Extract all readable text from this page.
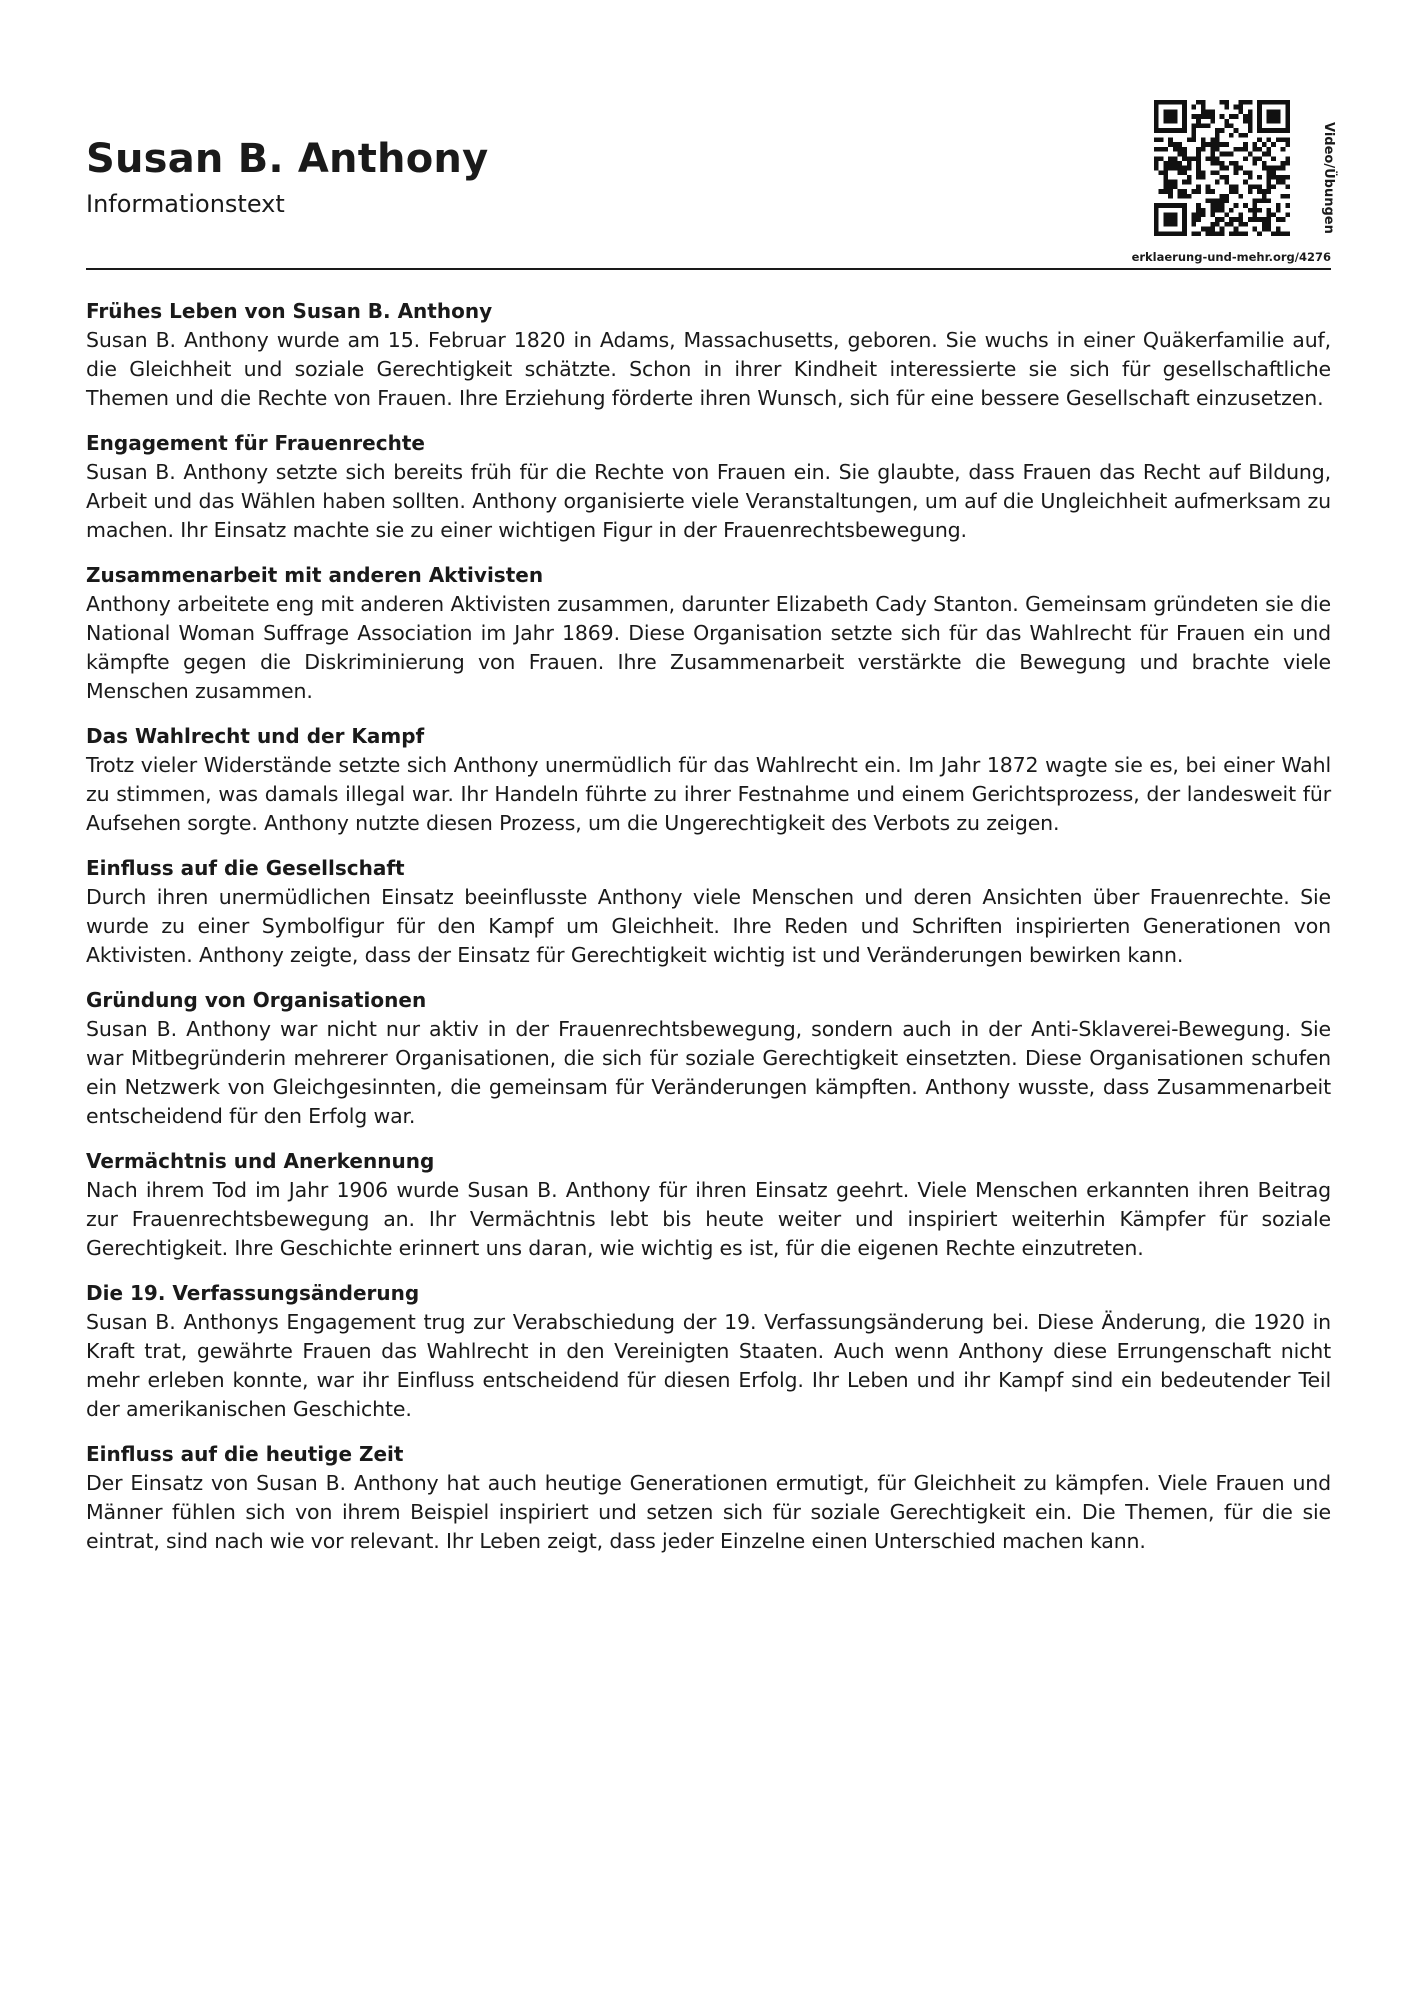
Susan B. Anthony
Informationstext	Video/Übungen
erklaerung-und-mehr.org/4276
Frühes Leben von Susan B. Anthony

Susan B. Anthony wurde am 15. Februar 1820 in Adams, Massachusetts, geboren. Sie wuchs in einer Quäkerfamilie auf, die Gleichheit und soziale Gerechtigkeit schätzte. Schon in ihrer Kindheit interessierte sie sich für gesellschaftliche Themen und die Rechte von Frauen. Ihre Erziehung förderte ihren Wunsch, sich für eine bessere Gesellschaft einzusetzen.

Engagement für Frauenrechte

Susan B. Anthony setzte sich bereits früh für die Rechte von Frauen ein. Sie glaubte, dass Frauen das Recht auf Bildung, Arbeit und das Wählen haben sollten. Anthony organisierte viele Veranstaltungen, um auf die Ungleichheit aufmerksam zu machen. Ihr Einsatz machte sie zu einer wichtigen Figur in der Frauenrechtsbewegung.

Zusammenarbeit mit anderen Aktivisten

Anthony arbeitete eng mit anderen Aktivisten zusammen, darunter Elizabeth Cady Stanton. Gemeinsam gründeten sie die National Woman Suffrage Association im Jahr 1869. Diese Organisation setzte sich für das Wahlrecht für Frauen ein und kämpfte gegen die Diskriminierung von Frauen. Ihre Zusammenarbeit verstärkte die Bewegung und brachte viele Menschen zusammen.

Das Wahlrecht und der Kampf

Trotz vieler Widerstände setzte sich Anthony unermüdlich für das Wahlrecht ein. Im Jahr 1872 wagte sie es, bei einer Wahl zu stimmen, was damals illegal war. Ihr Handeln führte zu ihrer Festnahme und einem Gerichtsprozess, der landesweit für Aufsehen sorgte. Anthony nutzte diesen Prozess, um die Ungerechtigkeit des Verbots zu zeigen.

Einfluss auf die Gesellschaft

Durch ihren unermüdlichen Einsatz beeinflusste Anthony viele Menschen und deren Ansichten über Frauenrechte. Sie wurde zu einer Symbolfigur für den Kampf um Gleichheit. Ihre Reden und Schriften inspirierten Generationen von Aktivisten. Anthony zeigte, dass der Einsatz für Gerechtigkeit wichtig ist und Veränderungen bewirken kann.

Gründung von Organisationen

Susan B. Anthony war nicht nur aktiv in der Frauenrechtsbewegung, sondern auch in der Anti-Sklaverei-Bewegung. Sie war Mitbegründerin mehrerer Organisationen, die sich für soziale Gerechtigkeit einsetzten. Diese Organisationen schufen ein Netzwerk von Gleichgesinnten, die gemeinsam für Veränderungen kämpften. Anthony wusste, dass Zusammenarbeit entscheidend für den Erfolg war.

Vermächtnis und Anerkennung

Nach ihrem Tod im Jahr 1906 wurde Susan B. Anthony für ihren Einsatz geehrt. Viele Menschen erkannten ihren Beitrag zur Frauenrechtsbewegung an. Ihr Vermächtnis lebt bis heute weiter und inspiriert weiterhin Kämpfer für soziale Gerechtigkeit. Ihre Geschichte erinnert uns daran, wie wichtig es ist, für die eigenen Rechte einzutreten.

Die 19. Verfassungsänderung

Susan B. Anthonys Engagement trug zur Verabschiedung der 19. Verfassungsänderung bei. Diese Änderung, die 1920 in Kraft trat, gewährte Frauen das Wahlrecht in den Vereinigten Staaten. Auch wenn Anthony diese Errungenschaft nicht mehr erleben konnte, war ihr Einfluss entscheidend für diesen Erfolg. Ihr Leben und ihr Kampf sind ein bedeutender Teil der amerikanischen Geschichte.

Einfluss auf die heutige Zeit

Der Einsatz von Susan B. Anthony hat auch heutige Generationen ermutigt, für Gleichheit zu kämpfen. Viele Frauen und Männer fühlen sich von ihrem Beispiel inspiriert und setzen sich für soziale Gerechtigkeit ein. Die Themen, für die sie eintrat, sind nach wie vor relevant. Ihr Leben zeigt, dass jeder Einzelne einen Unterschied machen kann.
